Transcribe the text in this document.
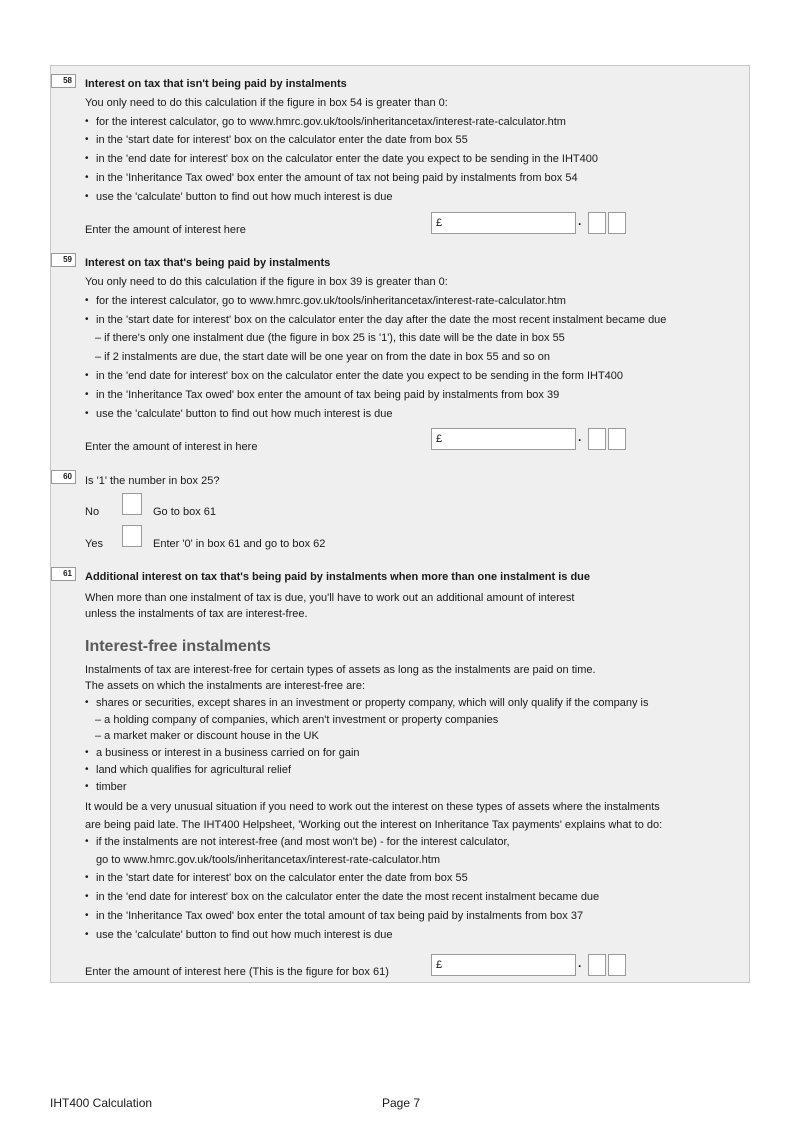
58	Interest on tax that isn't being paid by instalments
You only need to do this calculation if the figure in box 54 is greater than 0:
• for the interest calculator, go to www.hmrc.gov.uk/tools/inheritancetax/interest-rate-calculator.htm
• in the 'start date for interest' box on the calculator enter the date from box 55
• in the 'end date for interest' box on the calculator enter the date you expect to be sending in the IHT400
• in the 'Inheritance Tax owed' box enter the amount of tax not being paid by instalments from box 54
• use the 'calculate' button to find out how much interest is due
Enter the amount of interest here
£	.
59	Interest on tax that's being paid by instalments
You only need to do this calculation if the figure in box 39 is greater than 0:
• for the interest calculator, go to www.hmrc.gov.uk/tools/inheritancetax/interest-rate-calculator.htm
• in the 'start date for interest' box on the calculator enter the day after the date the most recent instalment became due
– if there's only one instalment due (the figure in box 25 is '1'), this date will be the date in box 55
– if 2 instalments are due, the start date will be one year on from the date in box 55 and so on
• in the 'end date for interest' box on the calculator enter the date you expect to be sending in the form IHT400
• in the 'Inheritance Tax owed' box enter the amount of tax being paid by instalments from box 39
• use the 'calculate' button to find out how much interest is due
Enter the amount of interest in here
£	.
60	Is '1' the number in box 25?
No	Go to box 61
Yes	Enter '0' in box 61 and go to box 62
61	Additional interest on tax that's being paid by instalments when more than one instalment is due
When more than one instalment of tax is due, you'll have to work out an additional amount of interest
unless the instalments of tax are interest-free.
Interest-free instalments
Instalments of tax are interest-free for certain types of assets as long as the instalments are paid on time.
The assets on which the instalments are interest-free are:
• shares or securities, except shares in an investment or property company, which will only qualify if the company is
– a holding company of companies, which aren't investment or property companies
– a market maker or discount house in the UK
• a business or interest in a business carried on for gain
• land which qualifies for agricultural relief
• timber
It would be a very unusual situation if you need to work out the interest on these types of assets where the instalments
are being paid late. The IHT400 Helpsheet, 'Working out the interest on Inheritance Tax payments' explains what to do:
• if the instalments are not interest-free (and most won't be) - for the interest calculator,
go to www.hmrc.gov.uk/tools/inheritancetax/interest-rate-calculator.htm
• in the 'start date for interest' box on the calculator enter the date from box 55
• in the 'end date for interest' box on the calculator enter the date the most recent instalment became due
• in the 'Inheritance Tax owed' box enter the total amount of tax being paid by instalments from box 37
• use the 'calculate' button to find out how much interest is due
Enter the amount of interest here (This is the figure for box 61)
£	.
IHT400 Calculation	Page 7
